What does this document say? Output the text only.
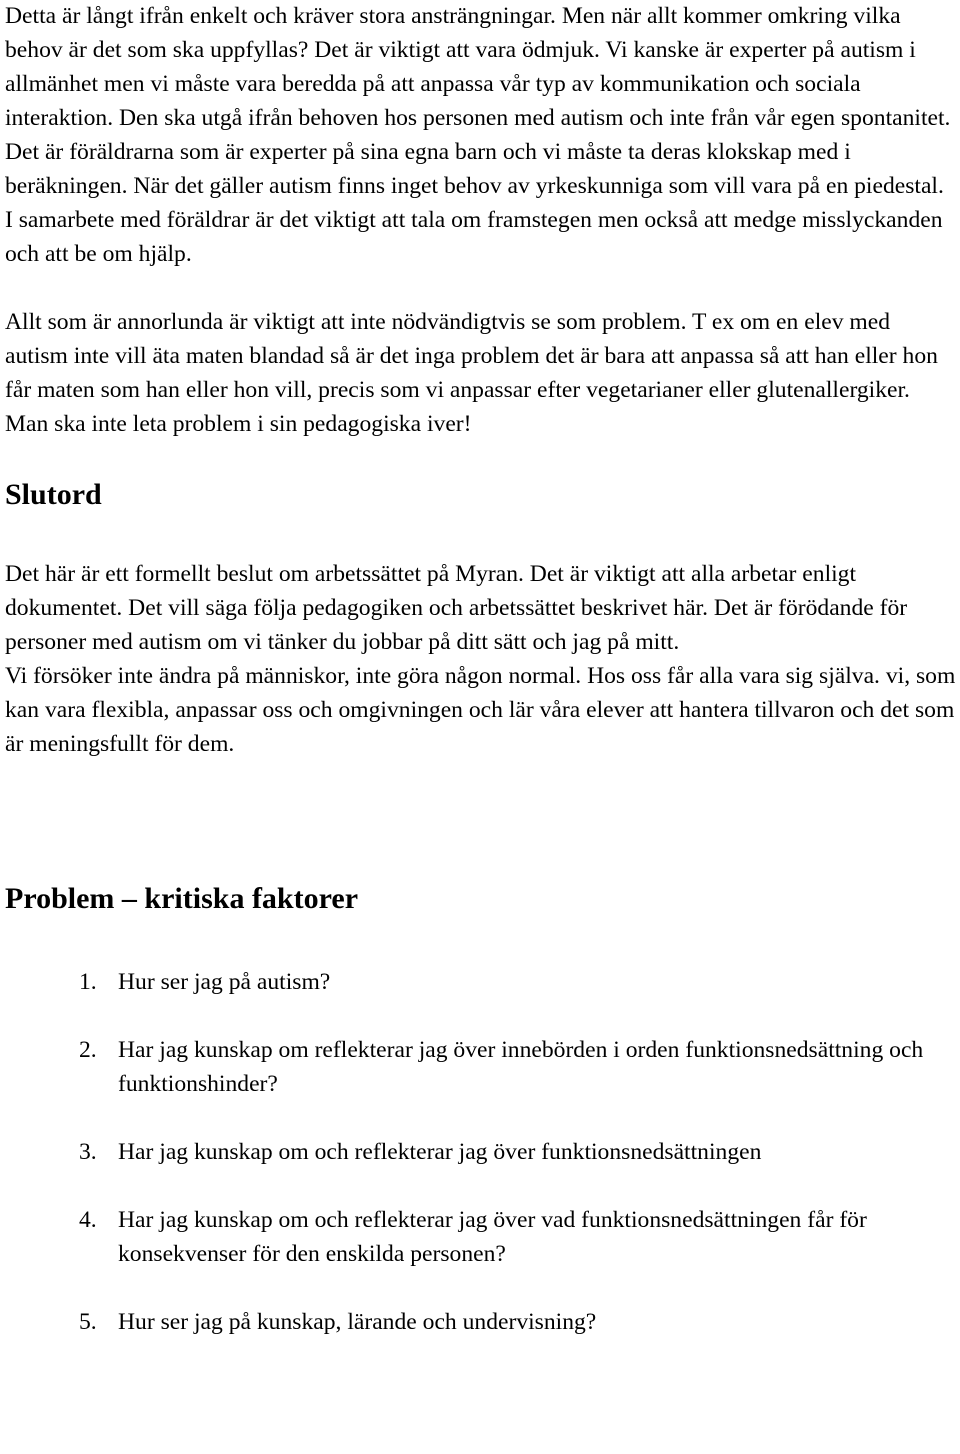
Detta är långt ifrån enkelt och kräver stora ansträngningar. Men när allt kommer omkring vilka behov är det som ska uppfyllas? Det är viktigt att vara ödmjuk. Vi kanske är experter på autism i allmänhet men vi måste vara beredda på att anpassa vår typ av kommunikation och sociala interaktion. Den ska utgå ifrån behoven hos personen med autism och inte från vår egen spontanitet. Det är föräldrarna som är experter på sina egna barn och vi måste ta deras klokskap med i beräkningen. När det gäller autism finns inget behov av yrkeskunniga som vill vara på en piedestal. I samarbete med föräldrar är det viktigt att tala om framstegen men också att medge misslyckanden och att be om hjälp.

Allt som är annorlunda är viktigt att inte nödvändigtvis se som problem. T ex om en elev med autism inte vill äta maten blandad så är det inga problem det är bara att anpassa så att han eller hon får maten som han eller hon vill, precis som vi anpassar efter vegetarianer eller glutenallergiker. Man ska inte leta problem i sin pedagogiska iver!

Slutord

Det här är ett formellt beslut om arbetssättet på Myran. Det är viktigt att alla arbetar enligt dokumentet. Det vill säga följa pedagogiken och arbetssättet beskrivet här. Det är förödande för personer med autism om vi tänker du jobbar på ditt sätt och jag på mitt.

Vi försöker inte ändra på människor, inte göra någon normal. Hos oss får alla vara sig själva. vi, som kan vara flexibla, anpassar oss och omgivningen och lär våra elever att hantera tillvaron och det som är meningsfullt för dem.

Problem – kritiska faktorer
1. Hur ser jag på autism?
2. Har jag kunskap om reflekterar jag över innebörden i orden funktionsnedsättning och funktionshinder?
3. Har jag kunskap om och reflekterar jag över funktionsnedsättningen
4. Har jag kunskap om och reflekterar jag över vad funktionsnedsättningen får för konsekvenser för den enskilda personen?
5. Hur ser jag på kunskap, lärande och undervisning?
